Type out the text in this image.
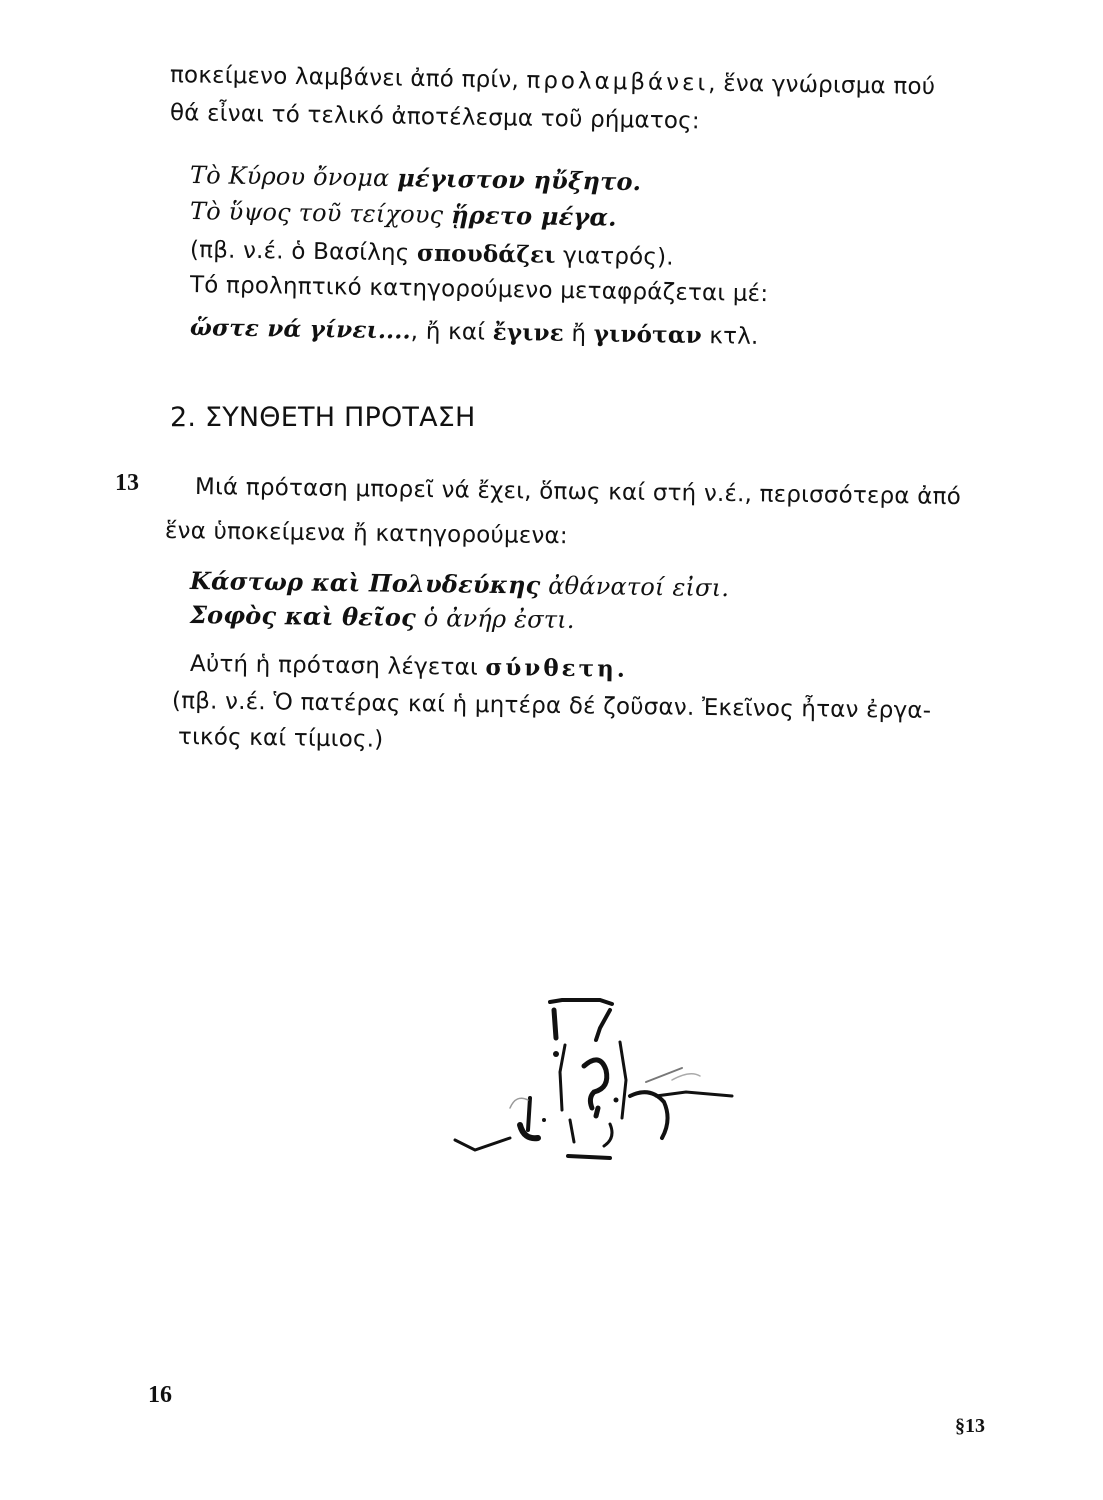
ποκείμενο λαμβάνει ἀπό πρίν, προλαμβάνει, ἕνα γνώρισμα πού
θά εἶναι τό τελικό ἀποτέλεσμα τοῦ ρήματος:
Τὸ Κύρου ὄνομα μέγιστον ηὔξητο.
Τὸ ὕψος τοῦ τείχους ᾕρετο μέγα.
(πβ. ν.έ. ὁ Βασίλης σπουδάζει γιατρός).
Τό προληπτικό κατηγορούμενο μεταφράζεται μέ:
ὥστε νά γίνει...., ἤ καί ἔγινε ἤ γινόταν κτλ.
2. ΣΥΝΘΕΤΗ ΠΡΟΤΑΣΗ
13 Μιά πρόταση μπορεῖ νά ἔχει, ὅπως καί στή ν.έ., περισσότερα ἀπό
ἕνα ὑποκείμενα ἤ κατηγορούμενα:
Κάστωρ καὶ Πολυδεύκης ἀθάνατοί εἰσι.
Σοφὸς καὶ θεῖος ὁ ἀνήρ ἐστι.
Αὐτή ἡ πρόταση λέγεται σύνθετη.
(πβ. ν.έ. Ὁ πατέρας καί ἡ μητέρα δέ ζοῦσαν. Ἐκεῖνος ἦταν ἐργα-
τικός καί τίμιος.)
16
§13
